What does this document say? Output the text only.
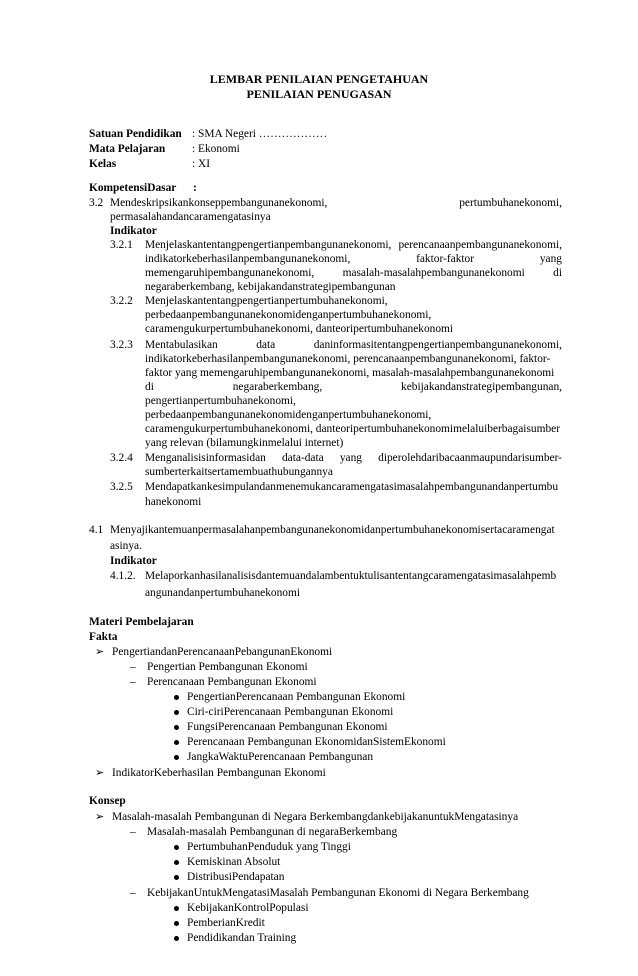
LEMBAR PENILAIAN PENGETAHUAN
PENILAIAN PENUGASAN
Satuan Pendidikan : SMA Negeri ………………
Mata Pelajaran : Ekonomi
Kelas	: XI
KompetensiDasar :
3.2 Mendeskripsikankonseppembangunanekonomi,	pertumbuhanekonomi,
permasalahandancaramengatasinya
Indikator
3.2.1 Menjelaskantentangpengertianpembangunanekonomi, perencanaanpembangunanekonomi,
indikatorkeberhasilanpembangunanekonomi,	faktor-faktor	yang
memengaruhipembangunanekonomi, masalah-masalahpembangunanekonomi di
negaraberkembang, kebijakandanstrategipembangunan
3.2.2 Menjelaskantentangpengertianpertumbuhanekonomi,
perbedaanpembangunanekonomidenganpertumbuhanekonomi,
caramengukurpertumbuhanekonomi, danteoripertumbuhanekonomi
3.2.3 Mentabulasikan	data	daninformasitentangpengertianpembangunanekonomi,
indikatorkeberhasilanpembangunanekonomi, perencanaanpembangunanekonomi, faktor-
faktor yang memengaruhipembangunanekonomi, masalah-masalahpembangunanekonomi
di	negaraberkembang,	kebijakandanstrategipembangunan,
pengertianpertumbuhanekonomi,
perbedaanpembangunanekonomidenganpertumbuhanekonomi,
caramengukurpertumbuhanekonomi, danteoripertumbuhanekonomimelaluiberbagaisumber
yang relevan (bilamungkinmelalui internet)
3.2.4 Menganalisisinformasidan data-data yang diperolehdaribacaanmaupundarisumber-
sumberterkaitsertamembuathubungannya
3.2.5 Mendapatkankesimpulandanmenemukancaramengatasimasalahpembangunandanpertumbu
hanekonomi
4.1 Menyajikantemuanpermasalahanpembangunanekonomidanpertumbuhanekonomisertacaramengat
asinya.
Indikator
4.1.2. Melaporkanhasilanalisisdantemuandalambentuktulisantentangcaramengatasimasalahpemb
angunandanpertumbuhanekonomi
Materi Pembelajaran
Fakta
➢ PengertiandanPerencanaanPebangunanEkonomi
– Pengertian Pembangunan Ekonomi
– Perencanaan Pembangunan Ekonomi
PengertianPerencanaan Pembangunan Ekonomi
Ciri-ciriPerencanaan Pembangunan Ekonomi
FungsiPerencanaan Pembangunan Ekonomi
Perencanaan Pembangunan EkonomidanSistemEkonomi
JangkaWaktuPerencanaan Pembangunan
➢ IndikatorKeberhasilan Pembangunan Ekonomi
Konsep
➢ Masalah-masalah Pembangunan di Negara BerkembangdankebijakanuntukMengatasinya
– Masalah-masalah Pembangunan di negaraBerkembang
PertumbuhanPenduduk yang Tinggi
Kemiskinan Absolut
DistribusiPendapatan
– KebijakanUntukMengatasiMasalah Pembangunan Ekonomi di Negara Berkembang
KebijakanKontrolPopulasi
PemberianKredit
Pendidikandan Training
